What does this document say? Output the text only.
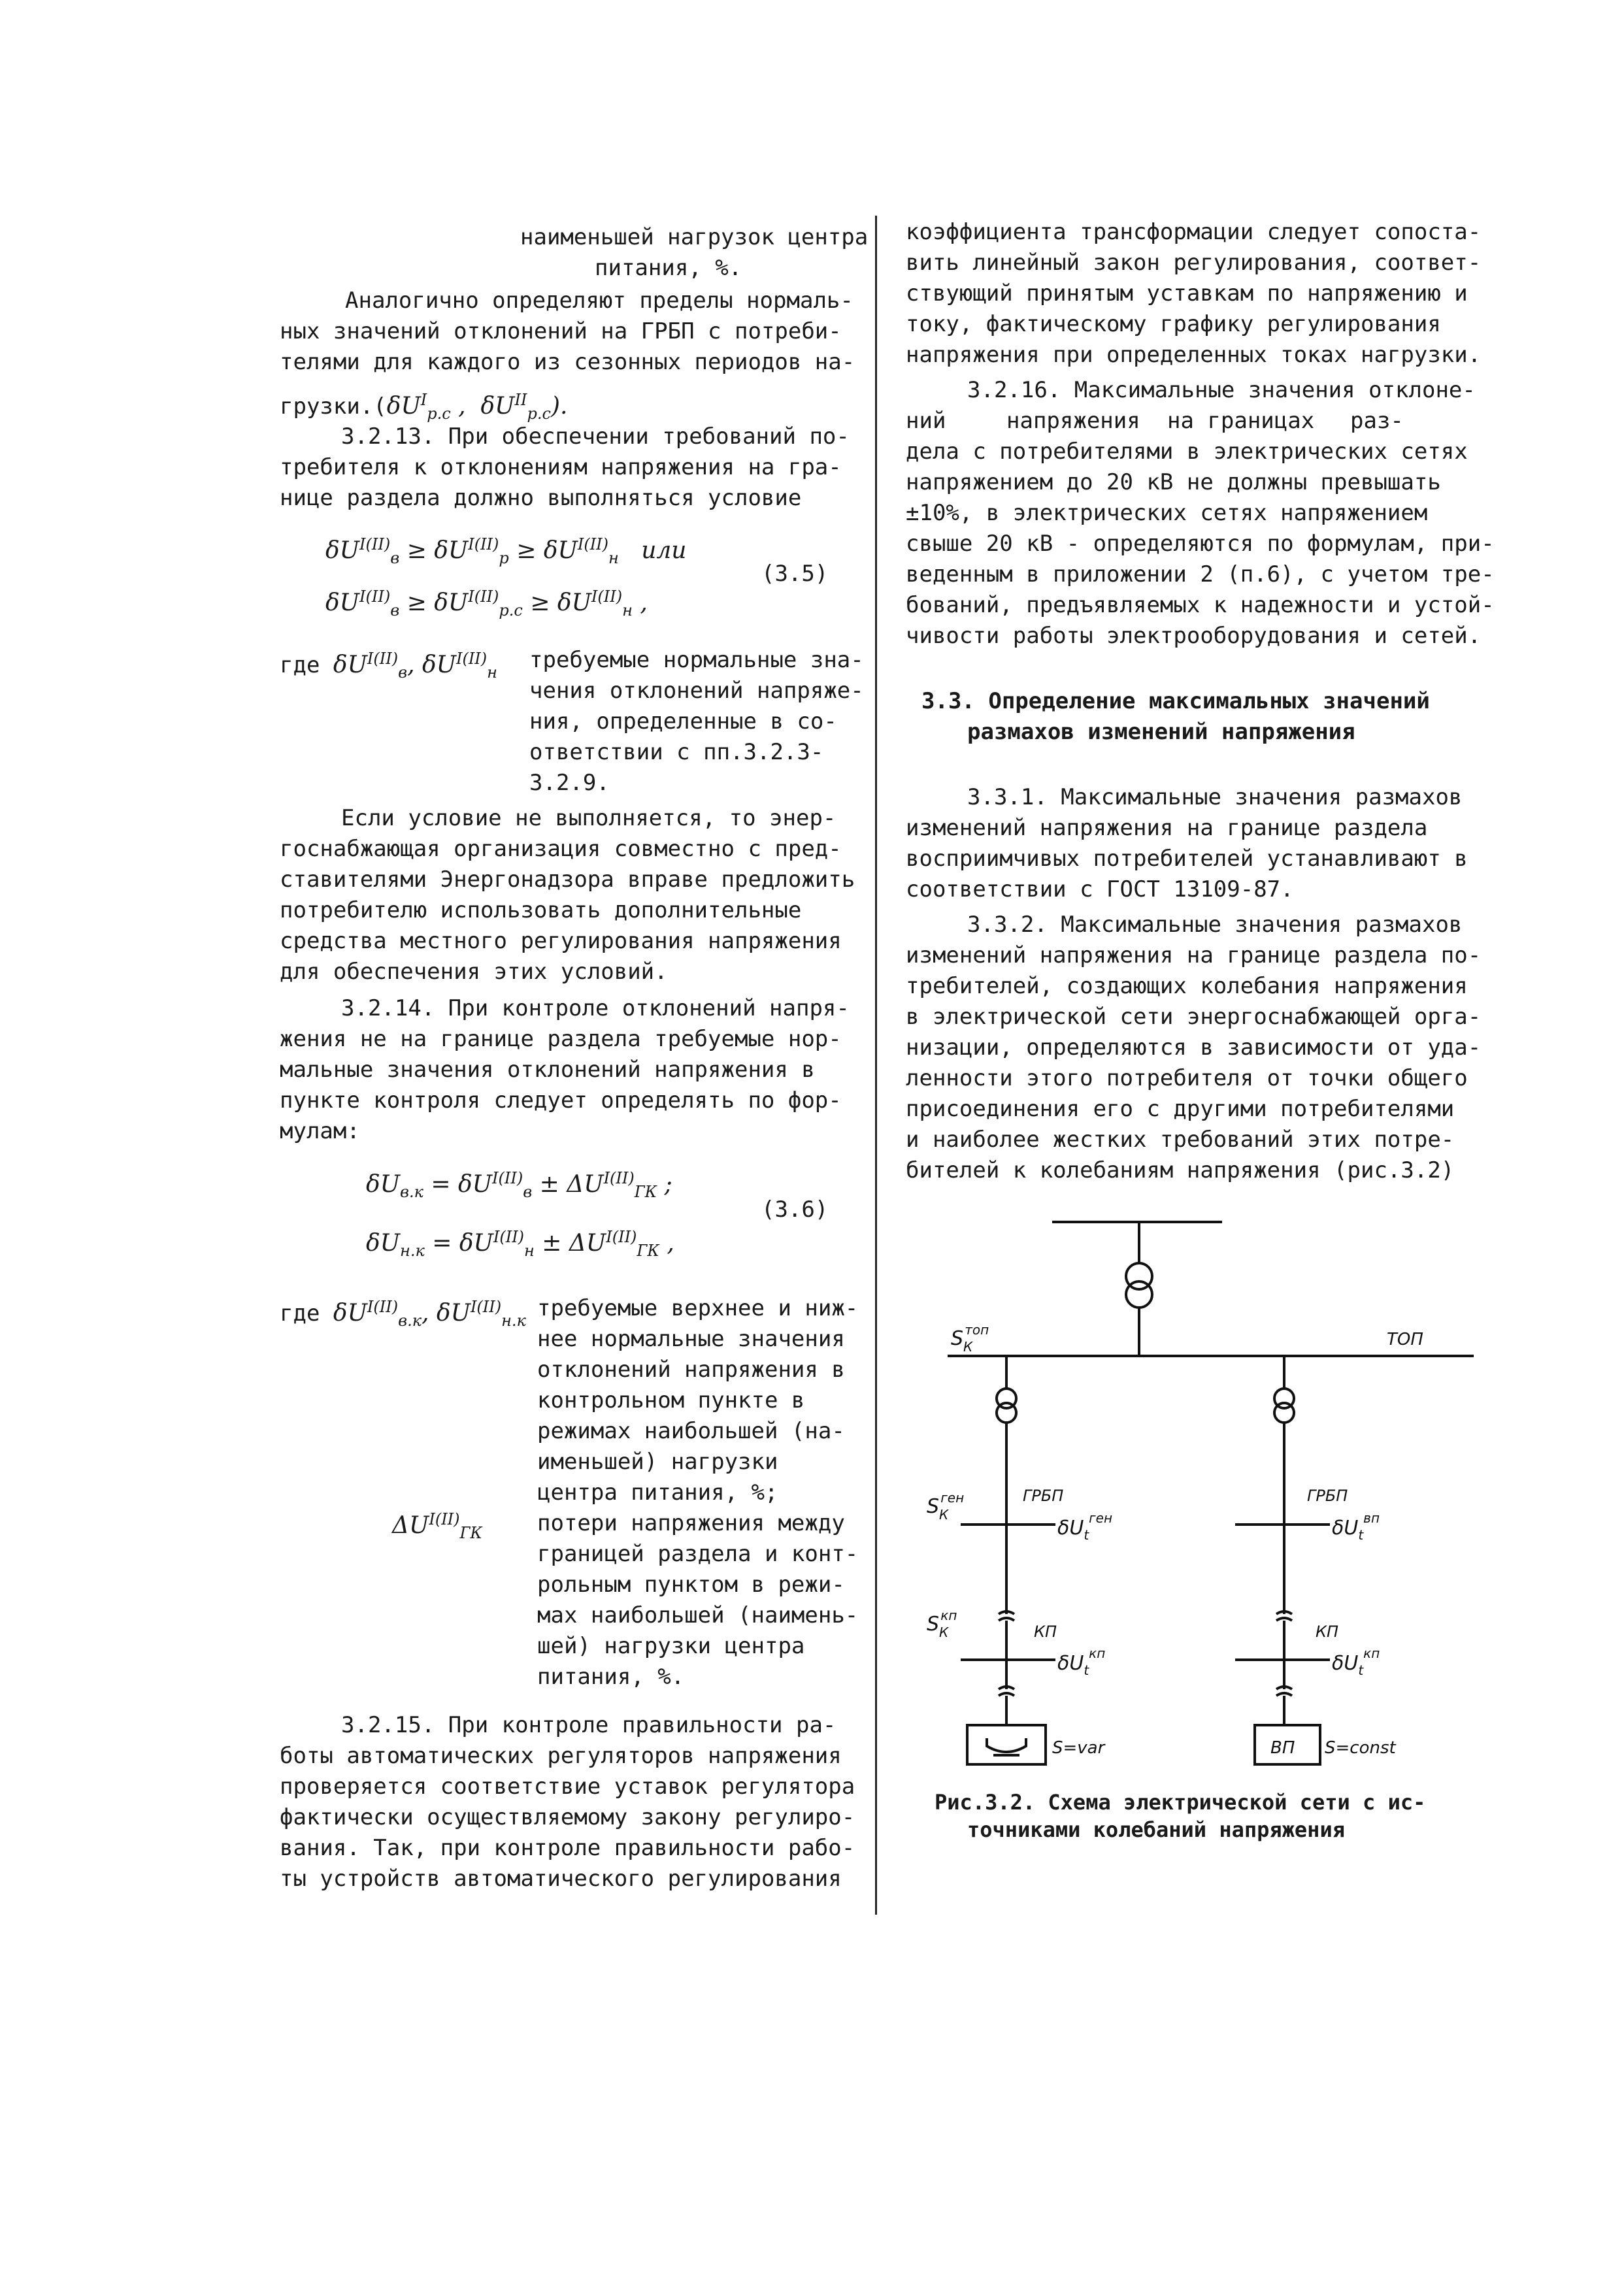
наименьшей нагрузок центра
питания, %.
Аналогично определяют пределы нормаль-
ных значений отклонений на ГРБП с потреби-
телями для каждого из сезонных периодов на-
$грузки.(\delta U^I_{р.с}$ ,  $\delta U^{II}_{р.с}$).
3.2.13. При обеспечении требований по-
требителя к отклонениям напряжения на гра-
нице раздела должно выполняться условие
$\delta U^{I(II)}_в \ge \delta U^{I(II)}_р \ge \delta U^{I(II)}_н$ или
$\delta U^{I(II)}_в \ge \delta U^{I(II)}_{р.с} \ge \delta U^{I(II)}_н$ ,
(3.5)
где $\delta U^{I(II)}_в$, $\delta U^{I(II)}_н$ требуемые нормальные зна-
чения отклонений напряже-
ния, определенные в со-
ответствии с пп.3.2.3-
3.2.9.
Если условие не выполняется, то энер-
госнабжающая организация совместно с пред-
ставителями Энергонадзора вправе предложить
потребителю использовать дополнительные
средства местного регулирования напряжения
для обеспечения этих условий.
3.2.14. При контроле отклонений напря-
жения не на границе раздела требуемые нор-
мальные значения отклонений напряжения в
пункте контроля следует определять по фор-
мулам:
$\delta U_{в.к} = \delta U^{I(II)}_в \pm \Delta U^{I(II)}_{ГК}$ ;
$\delta U_{н.к} = \delta U^{I(II)}_н \pm \Delta U^{I(II)}_{ГК}$ ,
(3.6)
где $\delta U^{I(II)}_{в.к}$, $\delta U^{I(II)}_{н.к}$ требуемые верхнее и ниж-
нее нормальные значения
отклонений напряжения в
контрольном пункте в
режимах наибольшей (на-
именьшей) нагрузки
центра питания, %;
$\Delta U^{I(II)}_{ГК}$ потери напряжения между
границей раздела и конт-
рольным пунктом в режи-
мах наибольшей (наимень-
шей) нагрузки центра
питания, %.
3.2.15. При контроле правильности ра-
боты автоматических регуляторов напряжения
проверяется соответствие уставок регулятора
фактически осуществляемому закону регулиро-
вания. Так, при контроле правильности рабо-
ты устройств автоматического регулирования
коэффициента трансформации следует сопоста-
вить линейный закон регулирования, соответ-
ствующий принятым уставкам по напряжению и
току, фактическому графику регулирования
напряжения при определенных токах нагрузки.
3.2.16. Максимальные значения отклоне-
ний	напряжения на границах раз-
дела с потребителями в электрических сетях
напряжением до 20 кВ не должны превышать
±10%, в электрических сетях напряжением
свыше 20 кВ - определяются по формулам, при-
веденным в приложении 2 (п.6), с учетом тре-
бований, предъявляемых к надежности и устой-
чивости работы электрооборудования и сетей.
3.3. Определение максимальных значений
размахов изменений напряжения
3.3.1. Максимальные значения размахов
изменений напряжения на границе раздела
восприимчивых потребителей устанавливают в
соответствии с ГОСТ 13109-87.
3.3.2. Максимальные значения размахов
изменений напряжения на границе раздела по-
требителей, создающих колебания напряжения
в электрической сети энергоснабжающей орга-
низации, определяются в зависимости от уда-
ленности этого потребителя от точки общего
присоединения его с другими потребителями
и наиболее жестких требований этих потре-
бителей к колебаниям напряжения (рис.3.2)
$S_Ктоп$	ТОП
$S_Кген$	ГРБП
$\delta U_t^{ген}$
ГРБП
$\delta U_t^{вп}$
$S_Ккп$
КП
$\delta U_t^{кп}$
КП
$\delta U_t^{кп}$
S=var	ВП S=const
Рис.3.2. Схема электрической сети с ис-
точниками колебаний напряжения
